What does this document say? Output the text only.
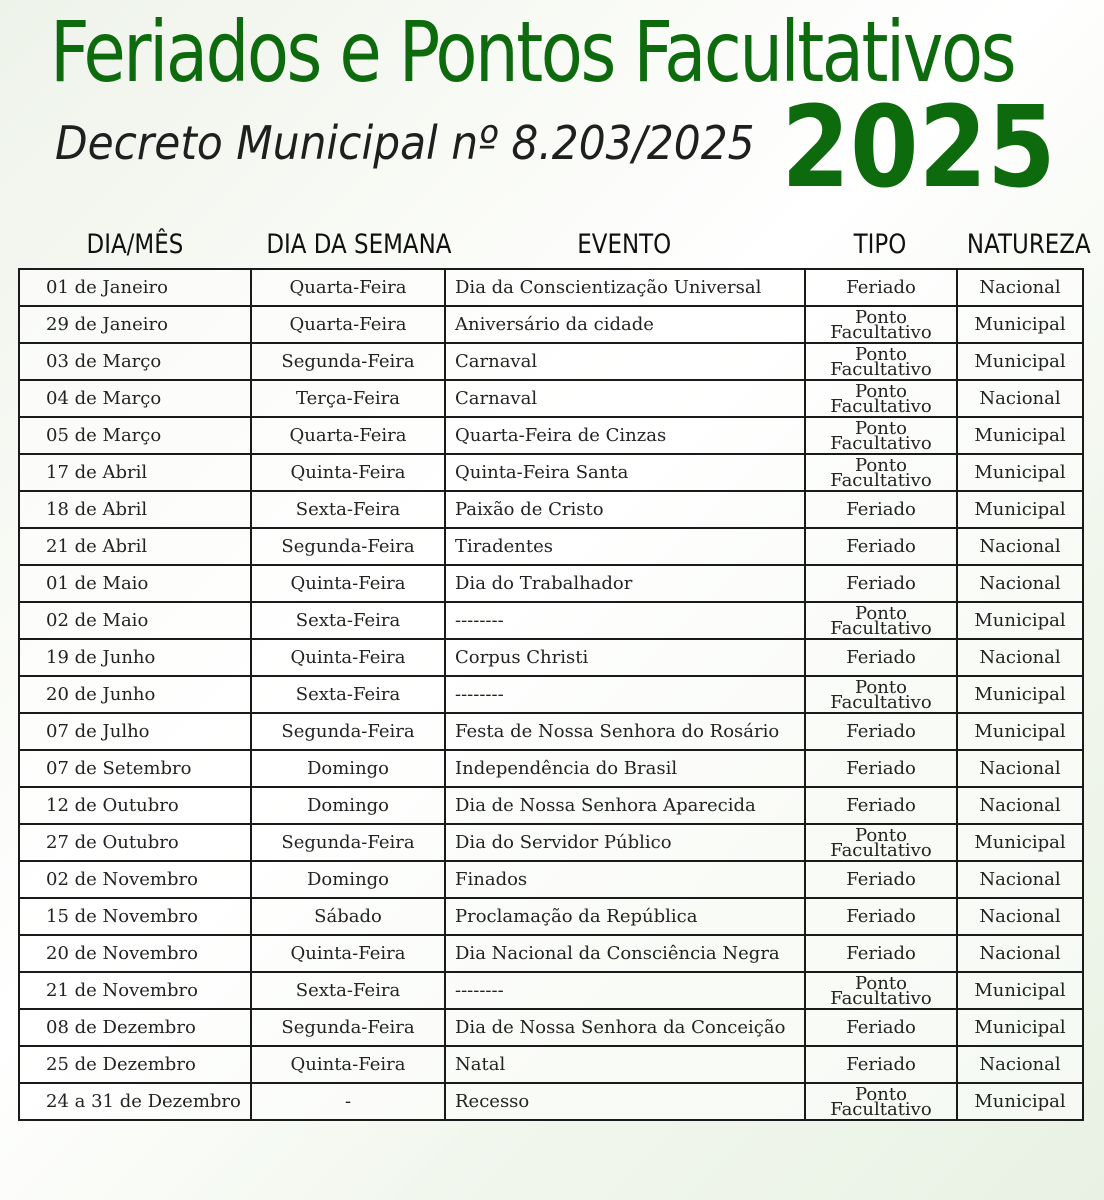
Feriados e Pontos Facultativos
Decreto Municipal nº 8.203/2025 2025
DIA/MÊS	DIA DA SEMANA	EVENTO	TIPO	NATUREZA
01 de Janeiro	Quarta-Feira	Dia da Conscientização Universal	Feriado	Nacional
29 de Janeiro	Quarta-Feira	Aniversário da cidade	Ponto Facultativo	Municipal
03 de Março	Segunda-Feira	Carnaval	Ponto Facultativo	Municipal
04 de Março	Terça-Feira	Carnaval	Ponto Facultativo	Nacional
05 de Março	Quarta-Feira	Quarta-Feira de Cinzas	Ponto Facultativo	Municipal
17 de Abril	Quinta-Feira	Quinta-Feira Santa	Ponto Facultativo	Municipal
18 de Abril	Sexta-Feira	Paixão de Cristo	Feriado	Municipal
21 de Abril	Segunda-Feira	Tiradentes	Feriado	Nacional
01 de Maio	Quinta-Feira	Dia do Trabalhador	Feriado	Nacional
02 de Maio	Sexta-Feira	--------	Ponto Facultativo	Municipal
19 de Junho	Quinta-Feira	Corpus Christi	Feriado	Nacional
20 de Junho	Sexta-Feira	--------	Ponto Facultativo	Municipal
07 de Julho	Segunda-Feira	Festa de Nossa Senhora do Rosário	Feriado	Municipal
07 de Setembro	Domingo	Independência do Brasil	Feriado	Nacional
12 de Outubro	Domingo	Dia de Nossa Senhora Aparecida	Feriado	Nacional
27 de Outubro	Segunda-Feira	Dia do Servidor Público	Ponto Facultativo	Municipal
02 de Novembro	Domingo	Finados	Feriado	Nacional
15 de Novembro	Sábado	Proclamação da República	Feriado	Nacional
20 de Novembro	Quinta-Feira	Dia Nacional da Consciência Negra	Feriado	Nacional
21 de Novembro	Sexta-Feira	--------	Ponto Facultativo	Municipal
08 de Dezembro	Segunda-Feira	Dia de Nossa Senhora da Conceição	Feriado	Municipal
25 de Dezembro	Quinta-Feira	Natal	Feriado	Nacional
24 a 31 de Dezembro	-	Recesso	Ponto Facultativo	Municipal
